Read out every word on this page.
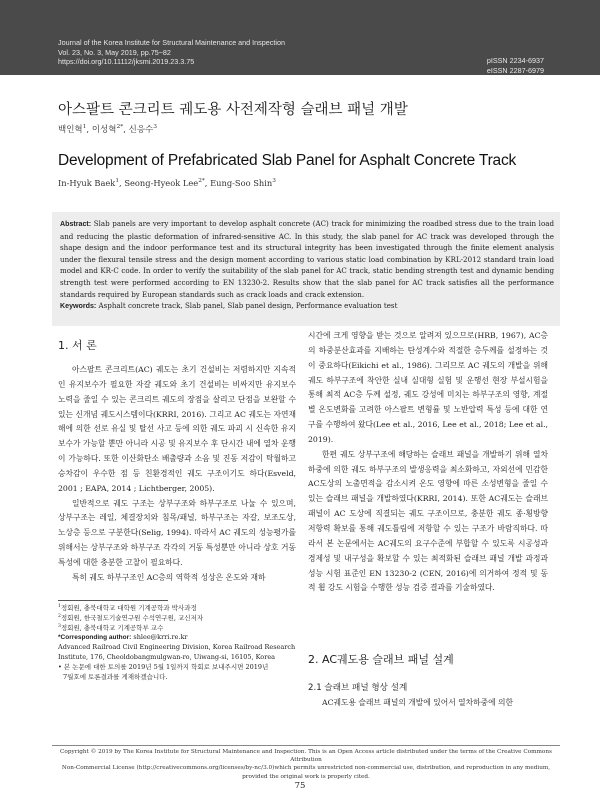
Journal of the Korea Institute for Structural Maintenance and Inspection
Vol. 23, No. 3, May 2019, pp.75~82
https://doi.org/10.11112/jksmi.2019.23.3.75	pISSN 2234-6937
eISSN 2287-6979
아스팔트 콘크리트 궤도용 사전제작형 슬래브 패널 개발
백인혁$^1$, 이성혁$^{2*}$, 신응수$^3$
Development of Prefabricated Slab Panel for Asphalt Concrete Track
In-Hyuk Baek$^1$, Seong-Hyeok Lee$^{2*}$, Eung-Soo Shin$^3$
Abstract: Slab panels are very important to develop asphalt concrete (AC) track for minimizing the roadbed stress due to the train load and reducing the plastic deformation of infrared-sensitive AC. In this study, the slab panel for AC track was developed through the shape design and the indoor performance test and its structural integrity has been investigated through the finite element analysis under the flexural tensile stress and the design moment according to various static load combination by KRL-2012 standard train load model and KR-C code. In order to verify the suitability of the slab panel for AC track, static bending strength test and dynamic bending strength test were performed according to EN 13230-2. Results show that the slab panel for AC track satisfies all the performance standards required by European standards such as crack loads and crack extension.
Keywords: Asphalt concrete track, Slab panel, Slab panel design, Performance evaluation test
1. 서 론

아스팔트 콘크리트(AC) 궤도는 초기 건설비는 저렴하지만 지속적인 유지보수가 필요한 자갈 궤도와 초기 건설비는 비싸지만 유지보수 노력을 줄일 수 있는 콘크리트 궤도의 장점을 살리고 단점을 보완할 수 있는 신개념 궤도시스템이다(KRRI, 2016). 그리고 AC 궤도는 자연재해에 의한 선로 유실 및 탈선 사고 등에 의한 궤도 파괴 시 신속한 유지보수가 가능할 뿐만 아니라 시공 및 유지보수 후 단시간 내에 열차 운행이 가능하다. 또한 이산화탄소 배출량과 소음 및 진동 저감이 탁월하고 승차감이 우수한 점 등 친환경적인 궤도 구조이기도 하다(Esveld, 2001 ; EAPA, 2014 ; Lichtberger, 2005).

일반적으로 궤도 구조는 상부구조와 하부구조로 나눌 수 있으며, 상부구조는 레일, 체결장치와 침목/패널, 하부구조는 자갈, 보조도상, 노상층 등으로 구분한다(Selig, 1994). 따라서 AC 궤도의 성능평가를 위해서는 상부구조와 하부구조 각각의 거동 특성뿐만 아니라 상호 거동특성에 대한 충분한 고찰이 필요하다.

특히 궤도 하부구조인 AC층의 역학적 성상은 온도와 재하

시간에 크게 영향을 받는 것으로 알려져 있으므로(HRB, 1967), AC층의 하중분산효과를 지배하는 탄성계수와 적절한 층두께를 설정하는 것이 중요하다(Eikichi et al., 1986). 그리므로 AC 궤도의 개발을 위해 궤도 하부구조에 착안한 실내 실대형 실험 및 운행선 현장 부설시험을 통해 최적 AC층 두께 설정, 궤도 강성에 미치는 하부구조의 영향, 계절별 온도변화를 고려한 아스팔트 변형률 및 노반압력 특성 등에 대한 연구를 수행하여 왔다(Lee et al., 2016, Lee et al., 2018; Lee et al., 2019).

한편 궤도 상부구조에 해당하는 슬래브 패널을 개발하기 위해 열차 하중에 의한 궤도 하부구조의 발생응력을 최소화하고, 자외선에 민감한 AC도상의 노출면적을 감소시켜 온도 영향에 따른 소성변형을 줄일 수 있는 슬래브 패널을 개발하였다(KRRI, 2014). 또한 AC궤도는 슬래브 패널이 AC 도상에 직결되는 궤도 구조이므로, 충분한 궤도 종·횡방향 저항력 확보를 통해 궤도틀림에 저항할 수 있는 구조가 바람직하다. 따라서 본 논문에서는 AC궤도의 요구수준에 부합할 수 있도록 시공성과 경제성 및 내구성을 확보할 수 있는 최적화된 슬래브 패널 개발 과정과 성능 시험 표준인 EN 13230-2 (CEN, 2016)에 의거하여 정적 및 동적 휨 강도 시험을 수행한 성능 검증 결과를 기술하였다.

2. AC궤도용 슬래브 패널 설계
2.1 슬래브 패널 형상 설계
AC궤도용 슬래브 패널의 개발에 있어서 열차하중에 의한
$^1$정회원, 충북대학교 대학원 기계공학과 박사과정
$^2$정회원, 한국철도기술연구원 수석연구원, 교신저자
$^3$정회원, 충북대학교 기계공학부 교수
*Corresponding author: shlee@krri.re.kr
Advanced Railroad Civil Engineering Division, Korea Railroad Research
Institute, 176, Cheoldobangmulgwan-ro, Uiwang-si, 16105, Korea
• 본 논문에 대한 토의를 2019년 5월 1일까지 학회로 보내주시면 2019년
7월호에 토론결과를 게재하겠습니다.
Copyright © 2019 by The Korea Institute for Structural Maintenance and Inspection. This is an Open Access article distributed under the terms of the Creative Commons Attribution
Non-Commercial License (http://creativecommons.org/licenses/by-nc/3.0)which permits unrestricted non-commercial use, distribution, and reproduction in any medium,
provided the original work is properly cited.
75
